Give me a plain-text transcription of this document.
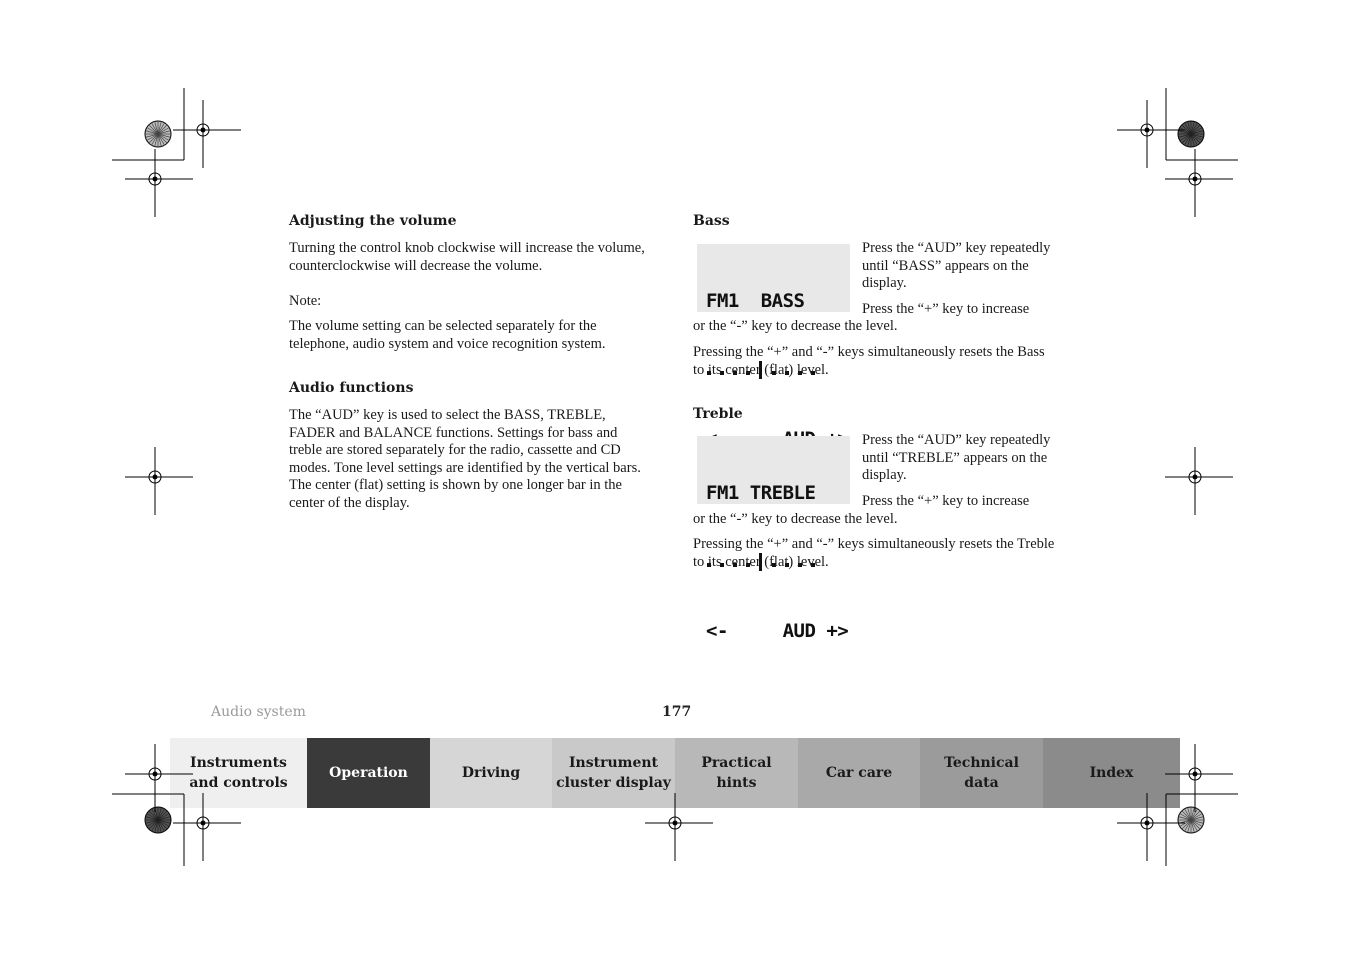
Adjusting the volume
Turning the control knob clockwise will increase the volume, counterclockwise will decrease the volume.
Note:
The volume setting can be selected separately for the telephone, audio system and voice recognition system.
Audio functions
The “AUD” key is used to select the BASS, TREBLE, FADER and BALANCE functions. Settings for bass and treble are stored separately for the radio, cassette and CD modes. Tone level settings are identified by the vertical bars. The center (flat) setting is shown by one longer bar in the center of the display.
Bass

FM1  BASS

Press the “AUD” key repeatedly until “BASS” appears on the display.
Press the “+” key to increase
or the “-” key to decrease the level.
Pressing the “+” and “-” keys simultaneously resets the Bass to its center (flat) level.
Treble

FM1 TREBLE

<-     AUD +>

Press the “AUD” key repeatedly until “TREBLE” appears on the display.
Press the “+” key to increase
or the “-” key to decrease the level.
Pressing the “+” and “-” keys simultaneously resets the Treble to its center (flat) level.
Audio system	177
Instruments
and controls
Operation	Driving
Instrument
cluster display
Practical hints
Car care
Technical
data
Index
